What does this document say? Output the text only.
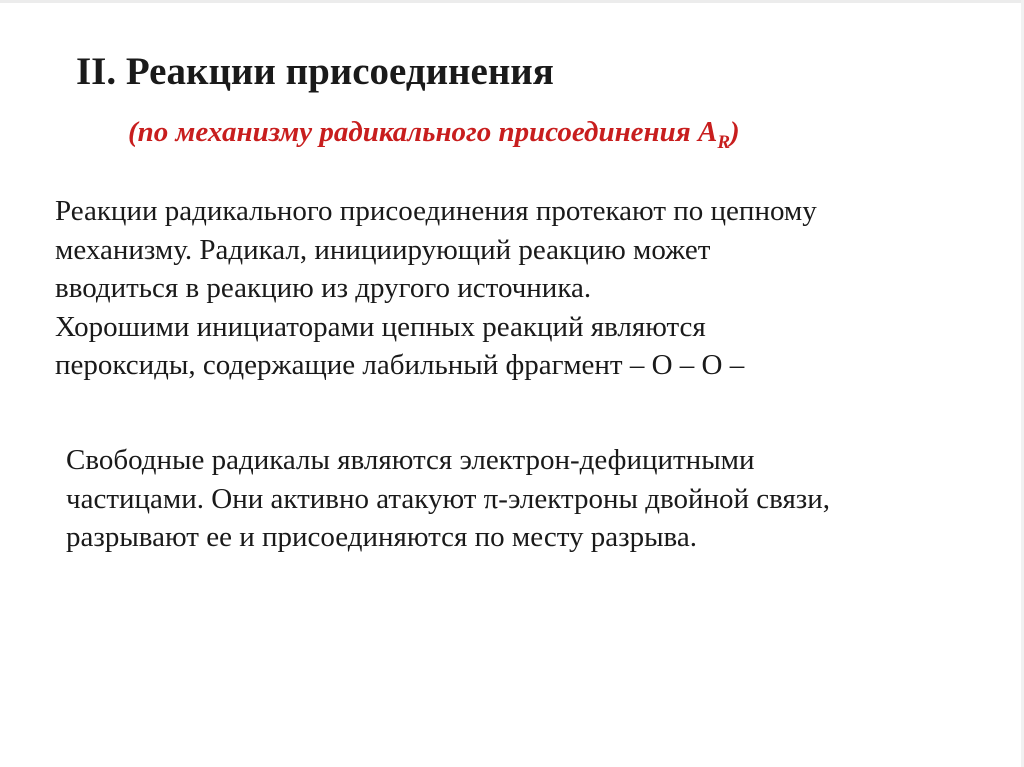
II. Реакции присоединения

(по механизму радикального присоединения $A_R$)

Реакции радикального присоединения протекают по цепному
механизму. Радикал, инициирующий реакцию может
вводиться в реакцию из другого источника.
Хорошими инициаторами цепных реакций являются
пероксиды, содержащие лабильный фрагмент – О – О –
Свободные радикалы являются электрон-дефицитными
частицами. Они активно атакуют π-электроны двойной связи,
разрывают ее и присоединяются по месту разрыва.
